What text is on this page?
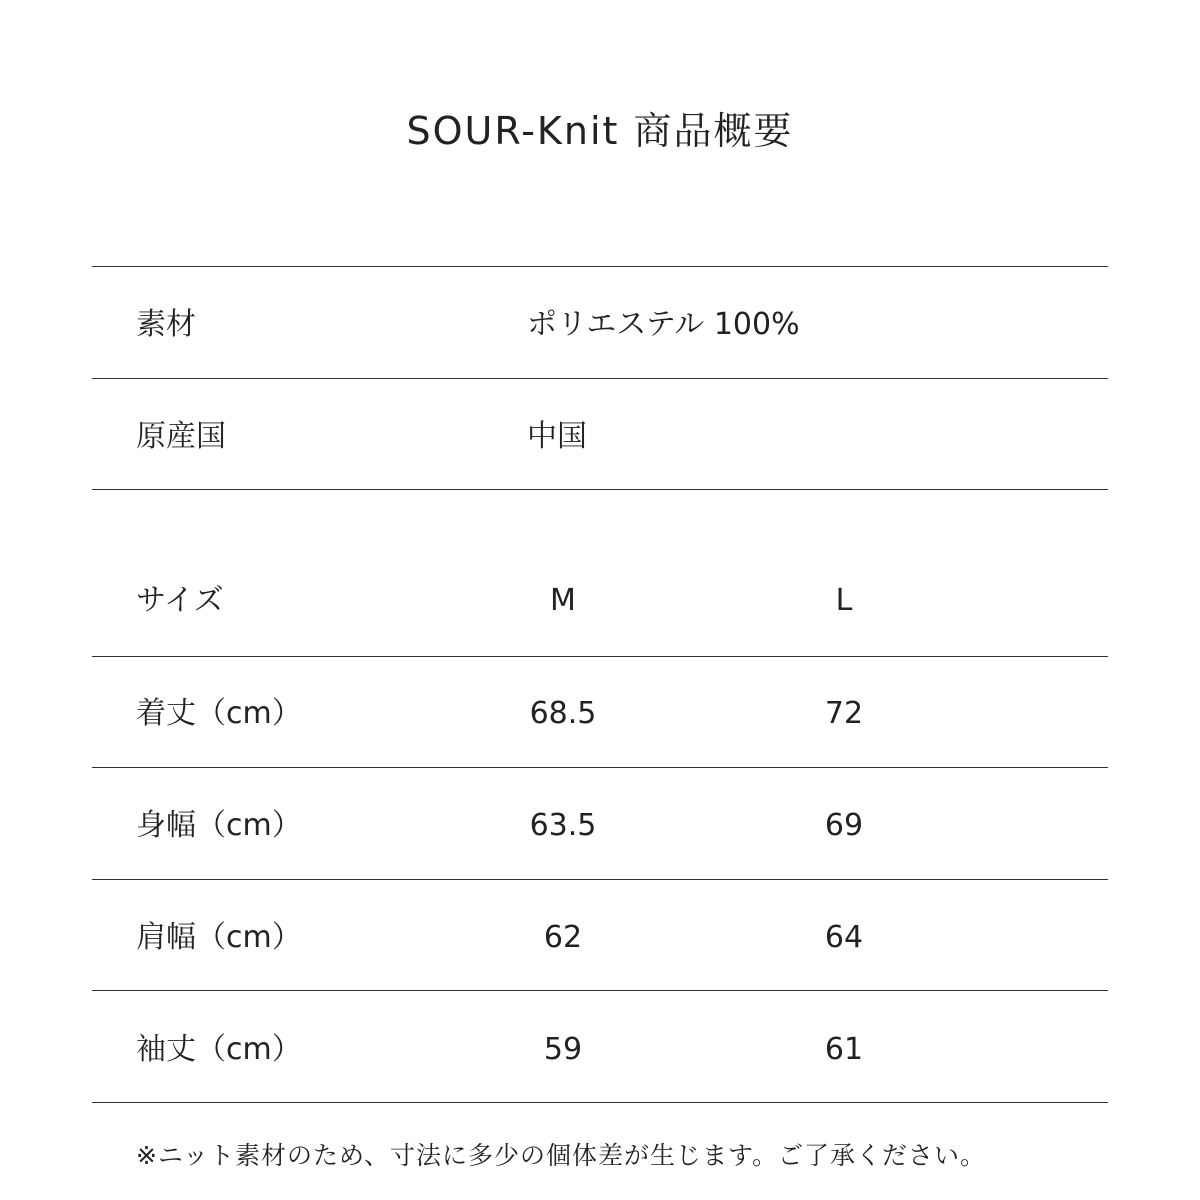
SOUR-Knit 商品概要
素材	ポリエステル 100%
原産国	中国
サイズ	M	L
着丈（cm）	68.5	72
身幅（cm）	63.5	69
肩幅（cm）	62	64
袖丈（cm）	59	61
※ニット素材のため、寸法に多少の個体差が生じます。ご了承ください。
